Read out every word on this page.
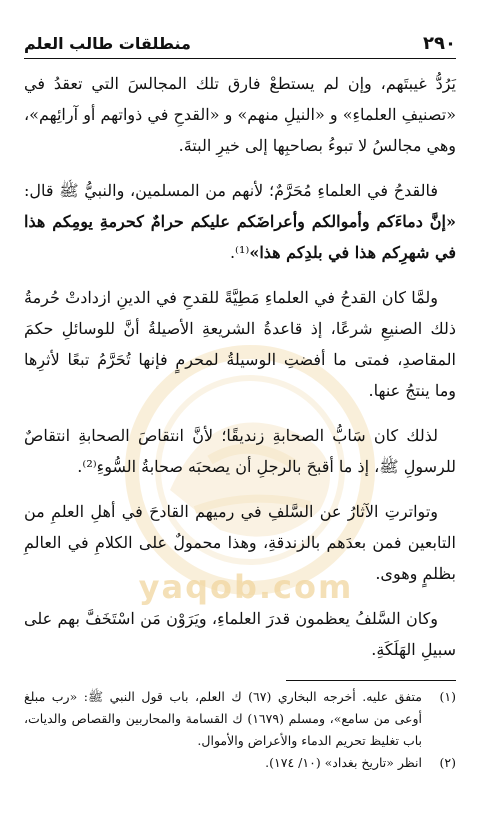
yaqob.com
٢٩٠
منطلقات طالب العلم

يَرُدُّ غيبتَهم، وإن لم يستطعْ فارق تلك المجالسَ التي تعقدُ في «تصنيفِ العلماءِ» و «النيلِ منهم» و «القدحِ في ذواتهم أو آرائِهم»، وهي مجالسُ لا تبوءُ بصاحبِها إلى خيرِ البتةَ.

فالقدحُ في العلماءِ مُحَرَّمٌ؛ لأنهم من المسلمين، والنبيُّ ﷺ قال: «إنَّ دماءَكم وأموالكم وأعراضَكم عليكم حرامٌ كحرمةِ يومِكم هذا في شهرِكم هذا في بلدِكم هذا»⁽¹⁾.

ولمَّا كان القدحُ في العلماءِ مَطِيَّةً للقدحِ في الدينِ ازدادتْ حُرمةُ ذلك الصنيعِ شرعًا، إذ قاعدةُ الشريعةِ الأصيلةُ أنَّ للوسائلِ حكمَ المقاصدِ، فمتى ما أفضتِ الوسيلةُ لمحرمٍ فإنها تُحَرَّمُ تبعًا لأثرِها وما ينتجُ عنها.

لذلك كان سَابُّ الصحابةِ زنديقًا؛ لأنَّ انتقاصَ الصحابةِ انتقاصٌ للرسولِ ﷺ، إذ ما أقبحَ بالرجلِ أن يصحبَه صحابةُ السُّوءِ⁽²⁾.

وتواترتِ الآثارُ عن السَّلفِ في رميهم القادحَ في أهلِ العلمِ من التابعين فمن بعدَهم بالزندقةِ، وهذا محمولٌ على الكلامِ في العالمِ بظلمٍ وهوى.

وكان السَّلفُ يعظمون قدرَ العلماءِ، ويَرَوْن مَن اسْتَخَفَّ بهم على سبيلِ الهَلَكَةِ.

(١)
متفق عليه. أخرجه البخاري (٦٧) ك العلم، باب قول النبي ﷺ: «رب مبلغ أوعى من سامع»، ومسلم (١٦٧٩) ك القسامة والمحاربين والقصاص والديات، باب تغليظ تحريم الدماء والأعراض والأموال.
(٢)
انظر «تاريخ بغداد» (١٠/ ١٧٤).
